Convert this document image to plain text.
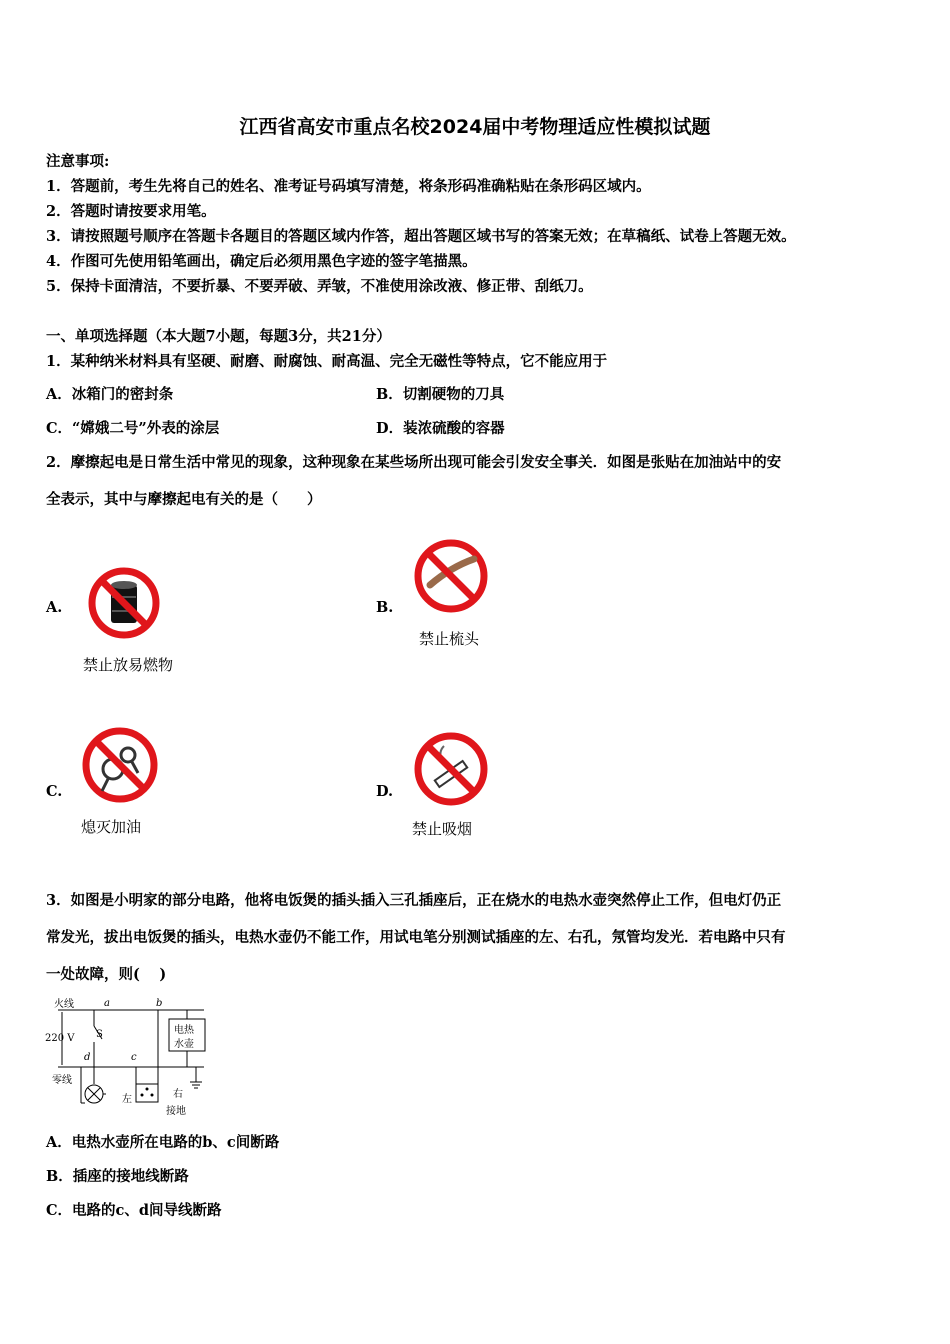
江西省高安市重点名校2024届中考物理适应性模拟试题
注意事项:
1．答题前，考生先将自己的姓名、准考证号码填写清楚，将条形码准确粘贴在条形码区域内。
2．答题时请按要求用笔。
3．请按照题号顺序在答题卡各题目的答题区域内作答，超出答题区域书写的答案无效；在草稿纸、试卷上答题无效。
4．作图可先使用铅笔画出，确定后必须用黑色字迹的签字笔描黑。
5．保持卡面清洁，不要折暴、不要弄破、弄皱，不准使用涂改液、修正带、刮纸刀。
一、单项选择题（本大题7小题，每题3分，共21分）
1．某种纳米材料具有坚硬、耐磨、耐腐蚀、耐高温、完全无磁性等特点，它不能应用于
A．冰箱门的密封条	B．切割硬物的刀具
C．“嫦娥二号”外表的涂层	D．装浓硫酸的容器
2．摩擦起电是日常生活中常见的现象，这种现象在某些场所出现可能会引发安全事关．如图是张贴在加油站中的安
全表示，其中与摩擦起电有关的是（　　）
A.
禁止放易燃物
B.
禁止梳头
C.
熄灭加油
D.
禁止吸烟
3．如图是小明家的部分电路，他将电饭煲的插头插入三孔插座后，正在烧水的电热水壶突然停止工作，但电灯仍正
常发光，拔出电饭煲的插头，电热水壶仍不能工作，用试电笔分别测试插座的左、右孔，氖管均发光．若电路中只有
一处故障，则(　 )
火线	a	b
220 V S
d	c
电热
水壶
零线
左	右
接地
A．电热水壶所在电路的b、c间断路
B．插座的接地线断路
C．电路的c、d间导线断路
